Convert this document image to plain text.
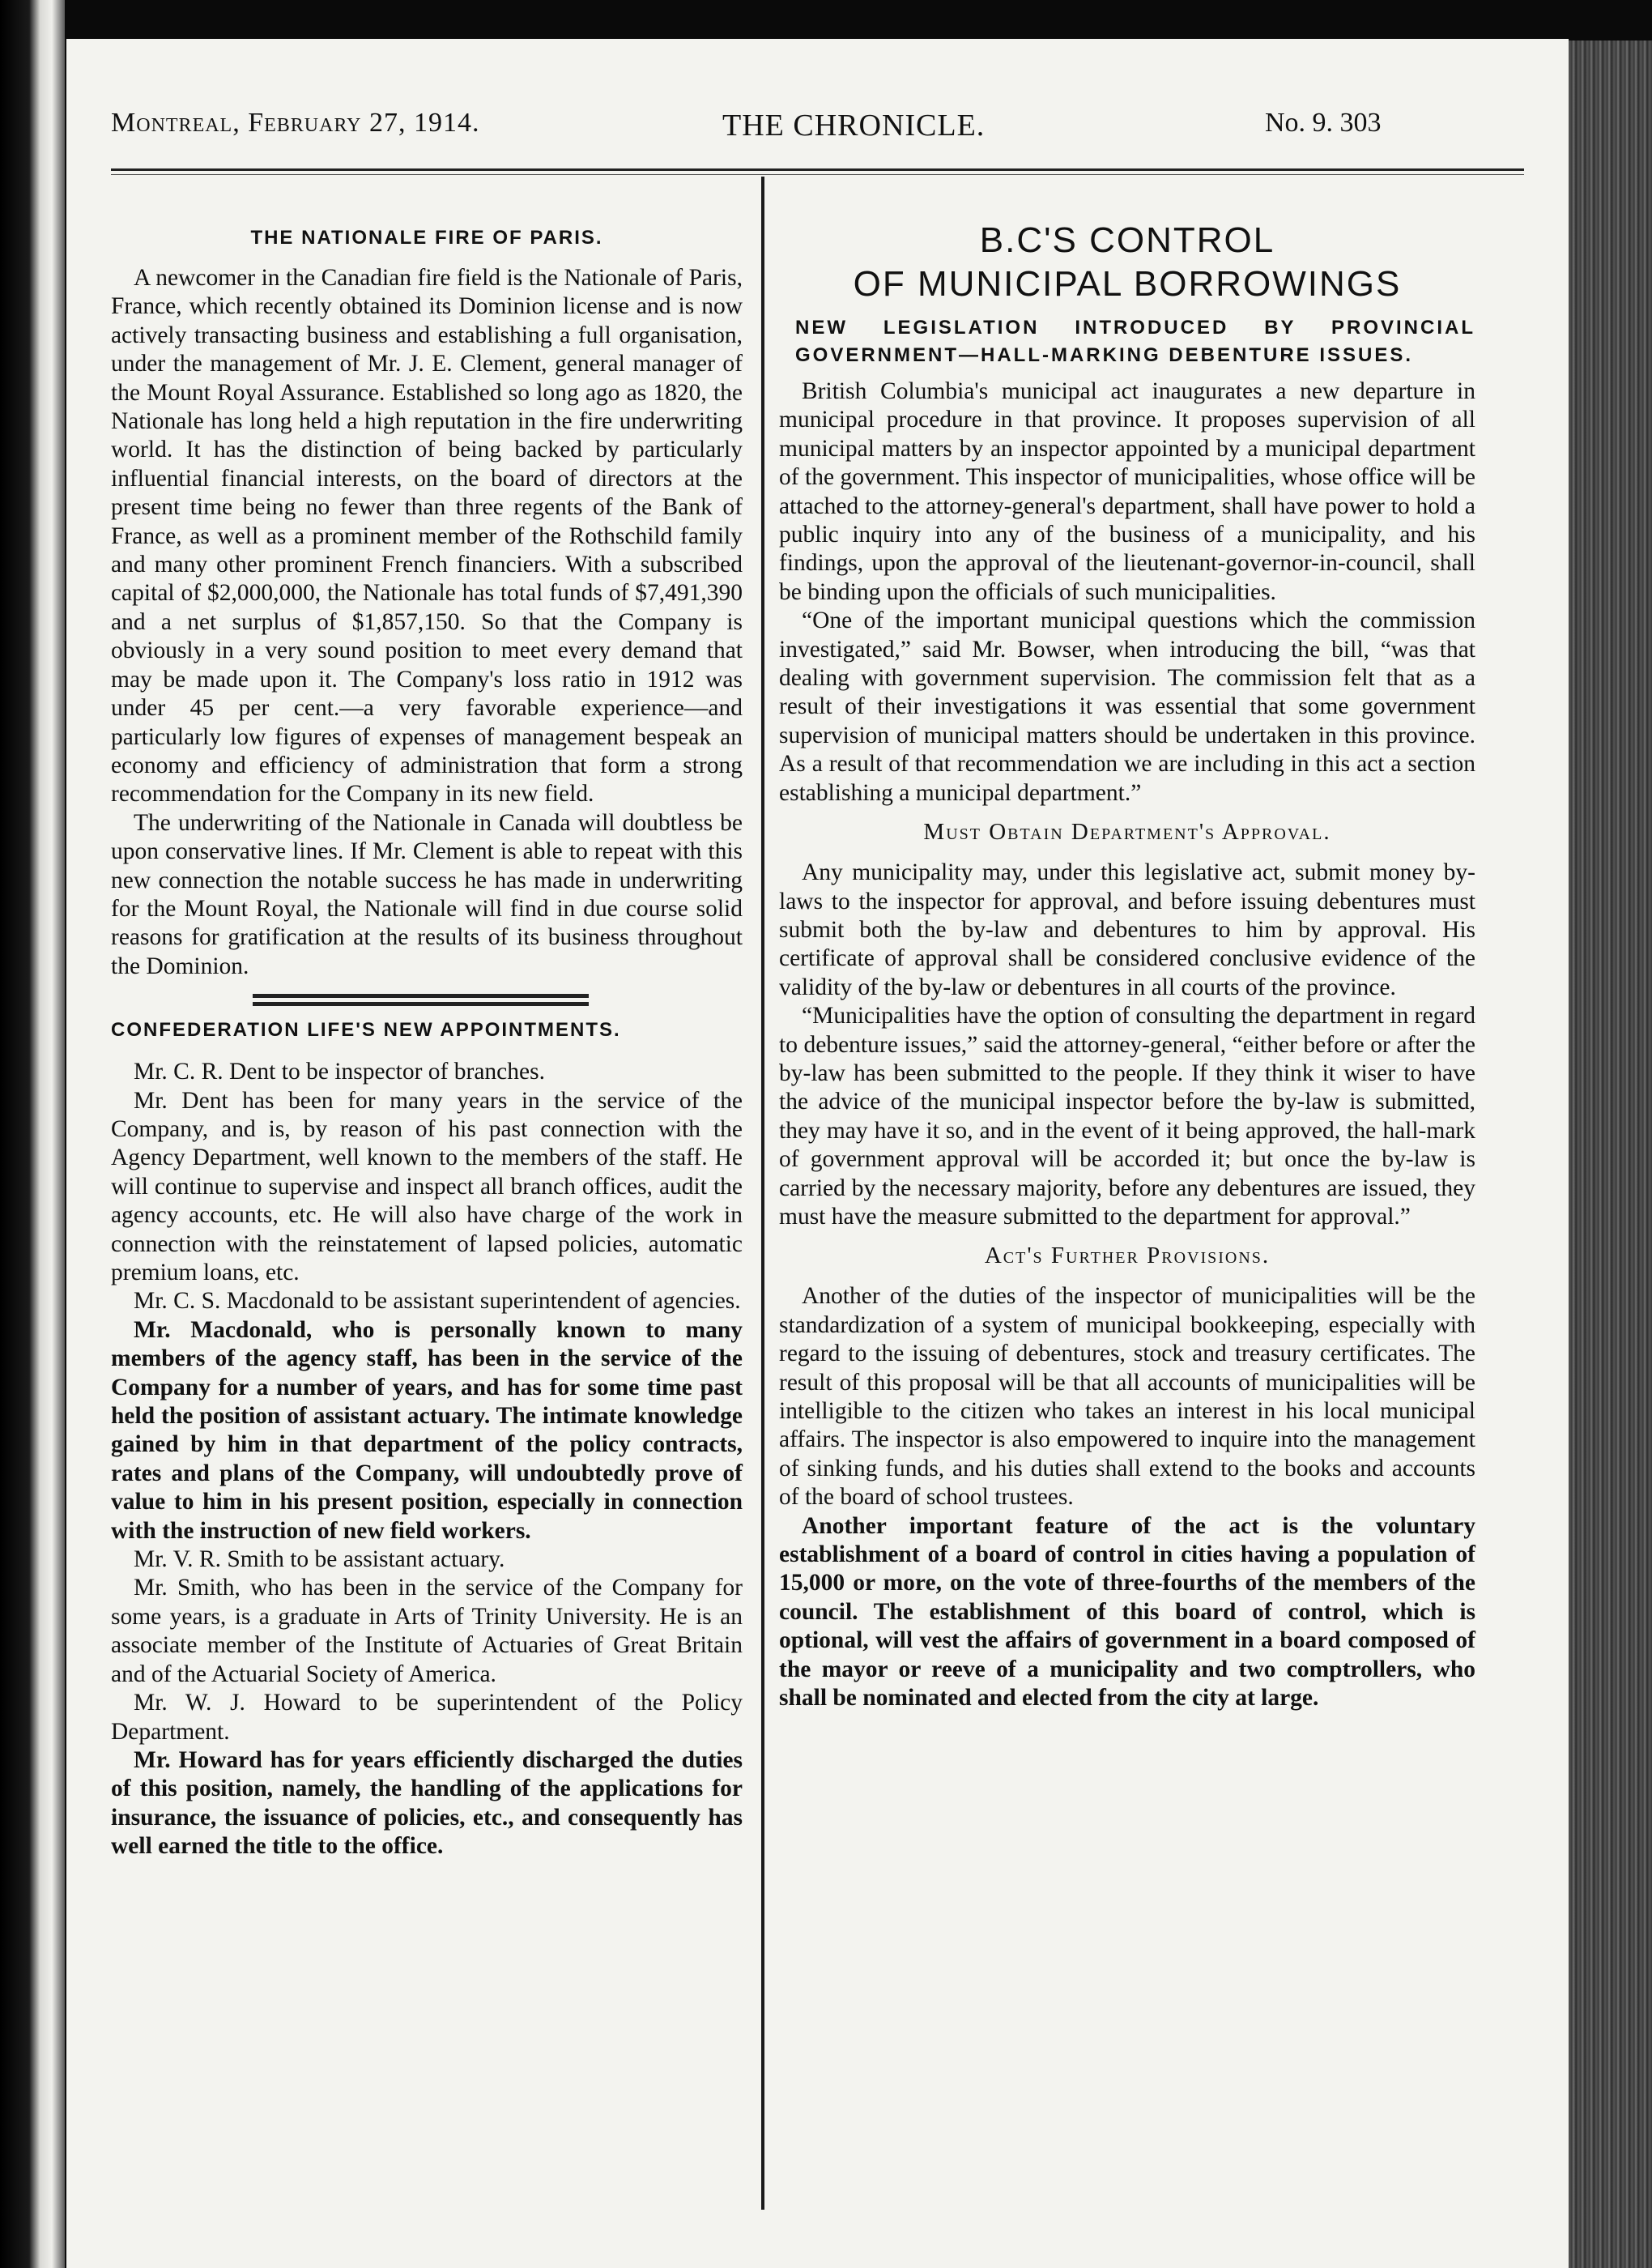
Montreal, February 27, 1914.	THE CHRONICLE.	No. 9. 303
THE NATIONALE FIRE OF PARIS.

A newcomer in the Canadian fire field is the Nationale of Paris, France, which recently obtained its Dominion license and is now actively transacting business and establishing a full organisation, under the management of Mr. J. E. Clement, general manager of the Mount Royal Assurance. Established so long ago as 1820, the Nationale has long held a high reputation in the fire underwriting world. It has the distinction of being backed by particularly influential financial interests, on the board of directors at the present time being no fewer than three regents of the Bank of France, as well as a prominent member of the Rothschild family and many other prominent French financiers. With a subscribed capital of $2,000,000, the Nationale has total funds of $7,491,390 and a net surplus of $1,857,150. So that the Company is obviously in a very sound position to meet every demand that may be made upon it. The Company's loss ratio in 1912 was under 45 per cent.—a very favorable experience—and particularly low figures of expenses of management bespeak an economy and efficiency of administration that form a strong recommendation for the Company in its new field.

The underwriting of the Nationale in Canada will doubtless be upon conservative lines. If Mr. Clement is able to repeat with this new connection the notable success he has made in underwriting for the Mount Royal, the Nationale will find in due course solid reasons for gratification at the results of its business throughout the Dominion.

CONFEDERATION LIFE'S NEW APPOINTMENTS.

Mr. C. R. Dent to be inspector of branches.

Mr. Dent has been for many years in the service of the Company, and is, by reason of his past connection with the Agency Department, well known to the members of the staff. He will continue to supervise and inspect all branch offices, audit the agency accounts, etc. He will also have charge of the work in connection with the reinstatement of lapsed policies, automatic premium loans, etc.

Mr. C. S. Macdonald to be assistant superintendent of agencies.

Mr. Macdonald, who is personally known to many members of the agency staff, has been in the service of the Company for a number of years, and has for some time past held the position of assistant actuary. The intimate knowledge gained by him in that department of the policy contracts, rates and plans of the Company, will undoubtedly prove of value to him in his present position, especially in connection with the instruction of new field workers.

Mr. V. R. Smith to be assistant actuary.

Mr. Smith, who has been in the service of the Company for some years, is a graduate in Arts of Trinity University. He is an associate member of the Institute of Actuaries of Great Britain and of the Actuarial Society of America.

Mr. W. J. Howard to be superintendent of the Policy Department.

Mr. Howard has for years efficiently discharged the duties of this position, namely, the handling of the applications for insurance, the issuance of policies, etc., and consequently has well earned the title to the office.

B.C'S CONTROL
OF MUNICIPAL BORROWINGS
NEW LEGISLATION INTRODUCED BY PROVINCIAL GOVERNMENT—HALL-MARKING DEBENTURE ISSUES.

British Columbia's municipal act inaugurates a new departure in municipal procedure in that province. It proposes supervision of all municipal matters by an inspector appointed by a municipal department of the government. This inspector of municipalities, whose office will be attached to the attorney-general's department, shall have power to hold a public inquiry into any of the business of a municipality, and his findings, upon the approval of the lieutenant-governor-in-council, shall be binding upon the officials of such municipalities.

“One of the important municipal questions which the commission investigated,” said Mr. Bowser, when introducing the bill, “was that dealing with government supervision. The commission felt that as a result of their investigations it was essential that some government supervision of municipal matters should be undertaken in this province. As a result of that recommendation we are including in this act a section establishing a municipal department.”

Must Obtain Department's Approval.

Any municipality may, under this legislative act, submit money by-laws to the inspector for approval, and before issuing debentures must submit both the by-law and debentures to him by approval. His certificate of approval shall be considered conclusive evidence of the validity of the by-law or debentures in all courts of the province.

“Municipalities have the option of consulting the department in regard to debenture issues,” said the attorney-general, “either before or after the by-law has been submitted to the people. If they think it wiser to have the advice of the municipal inspector before the by-law is submitted, they may have it so, and in the event of it being approved, the hall-mark of government approval will be accorded it; but once the by-law is carried by the necessary majority, before any debentures are issued, they must have the measure submitted to the department for approval.”

Act's Further Provisions.

Another of the duties of the inspector of municipalities will be the standardization of a system of municipal bookkeeping, especially with regard to the issuing of debentures, stock and treasury certificates. The result of this proposal will be that all accounts of municipalities will be intelligible to the citizen who takes an interest in his local municipal affairs. The inspector is also empowered to inquire into the management of sinking funds, and his duties shall extend to the books and accounts of the board of school trustees.

Another important feature of the act is the voluntary establishment of a board of control in cities having a population of 15,000 or more, on the vote of three-fourths of the members of the council. The establishment of this board of control, which is optional, will vest the affairs of government in a board composed of the mayor or reeve of a municipality and two comptrollers, who shall be nominated and elected from the city at large.
